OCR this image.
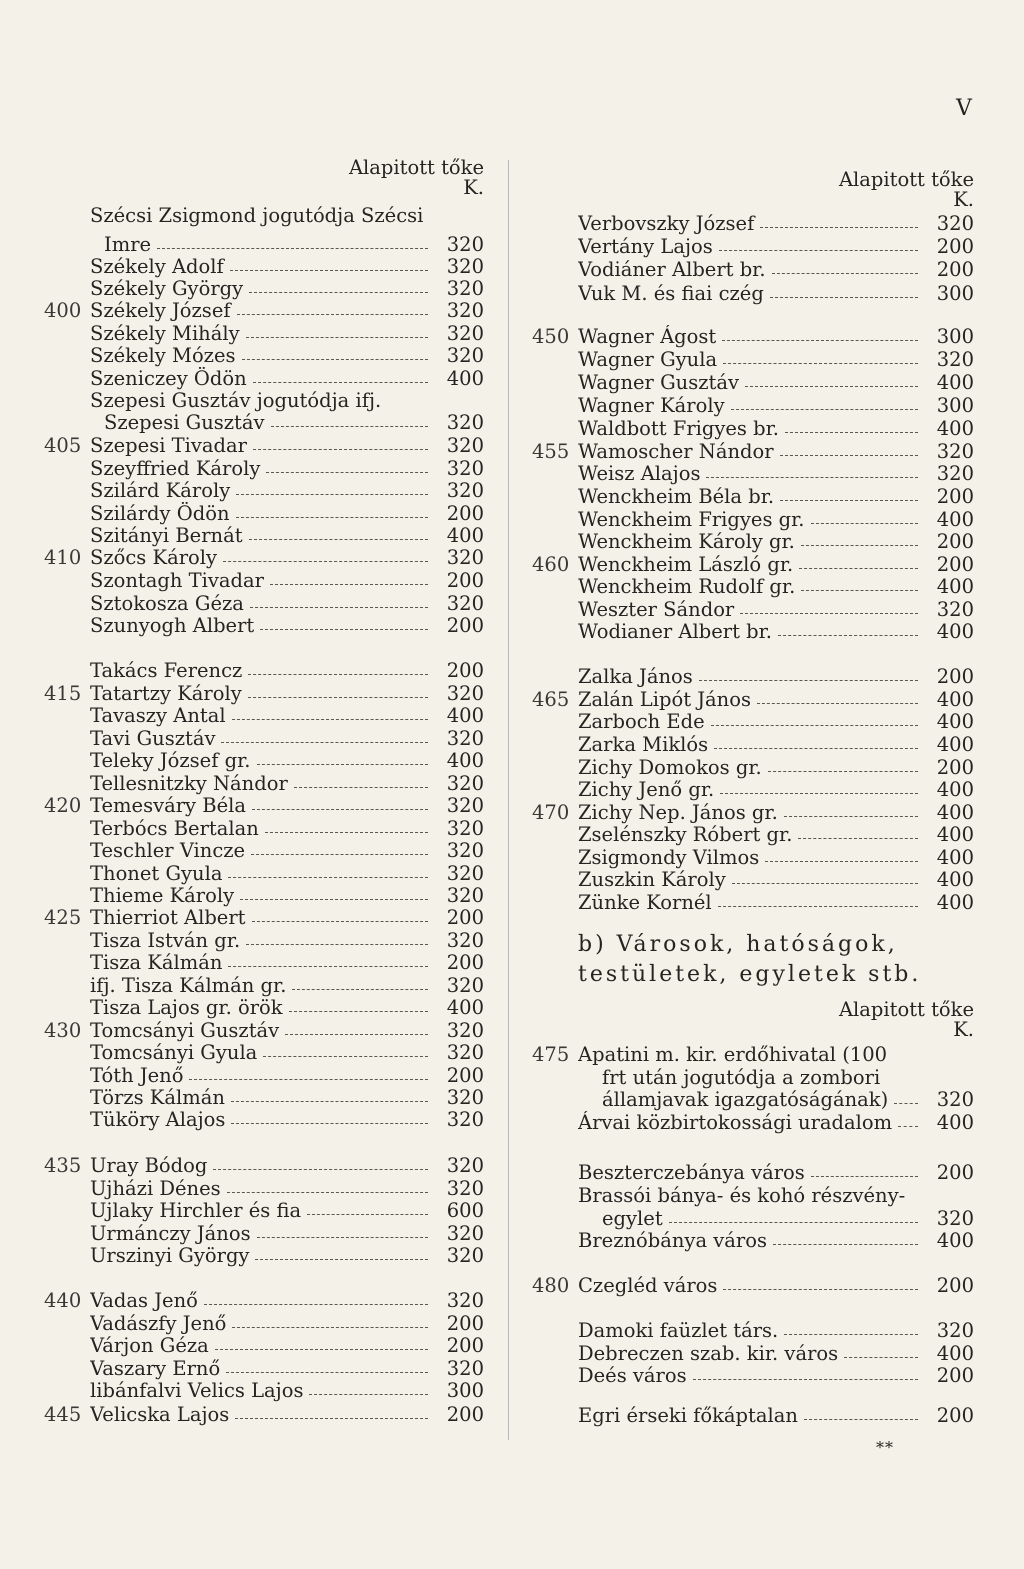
V
Alapitott tőke
K.
Szécsi Zsigmond jogutódja Szécsi
Imre	320
Székely Adolf	320
Székely György	320
400 Székely József	320
Székely Mihály	320
Székely Mózes	320
Szeniczey Ödön	400
Szepesi Gusztáv jogutódja ifj.
Szepesi Gusztáv	320
405 Szepesi Tivadar	320
Szeyffried Károly	320
Szilárd Károly	320
Szilárdy Ödön	200
Szitányi Bernát	400
410 Szőcs Károly	320
Szontagh Tivadar	200
Sztokosza Géza	320
Szunyogh Albert	200
Takács Ferencz	200
415 Tatartzy Károly	320
Tavaszy Antal	400
Tavi Gusztáv	320
Teleky József gr.	400
Tellesnitzky Nándor	320
420 Temesváry Béla	320
Terbócs Bertalan	320
Teschler Vincze	320
Thonet Gyula	320
Thieme Károly	320
425 Thierriot Albert	200
Tisza István gr.	320
Tisza Kálmán	200
ifj. Tisza Kálmán gr.	320
Tisza Lajos gr. örök	400
430 Tomcsányi Gusztáv	320
Tomcsányi Gyula	320
Tóth Jenő	200
Törzs Kálmán	320
Tüköry Alajos	320
435 Uray Bódog	320
Ujházi Dénes	320
Ujlaky Hirchler és fia	600
Urmánczy János	320
Urszinyi György	320
440 Vadas Jenő	320
Vadászfy Jenő	200
Várjon Géza	200
Vaszary Ernő	320
libánfalvi Velics Lajos	300
445 Velicska Lajos	200
Alapitott tőke
K.
Verbovszky József	320
Vertány Lajos	200
Vodiáner Albert br.	200
Vuk M. és fiai czég	300
450 Wagner Ágost	300
Wagner Gyula	320
Wagner Gusztáv	400
Wagner Károly	300
Waldbott Frigyes br.	400
455 Wamoscher Nándor	320
Weisz Alajos	320
Wenckheim Béla br.	200
Wenckheim Frigyes gr.	400
Wenckheim Károly gr.	200
460 Wenckheim László gr.	200
Wenckheim Rudolf gr.	400
Weszter Sándor	320
Wodianer Albert br.	400
Zalka János	200
465 Zalán Lipót János	400
Zarboch Ede	400
Zarka Miklós	400
Zichy Domokos gr.	200
Zichy Jenő gr.	400
470 Zichy Nep. János gr.	400
Zselénszky Róbert gr.	400
Zsigmondy Vilmos	400
Zuszkin Károly	400
Zünke Kornél	400
475 Apatini m. kir. erdőhivatal (100
frt után jogutódja a zombori
államjavak igazgatóságának)	320
Árvai közbirtokossági uradalom	400
Beszterczebánya város	200
Brassói bánya- és kohó részvény-
egylet	320
Breznóbánya város	400
480 Czegléd város	200
Damoki faüzlet társ.	320
Debreczen szab. kir. város	400
Deés város	200
Egri érseki főkáptalan	200
b) Városok, hatóságok,
testületek, egyletek stb.
Alapitott tőke
K.
**
